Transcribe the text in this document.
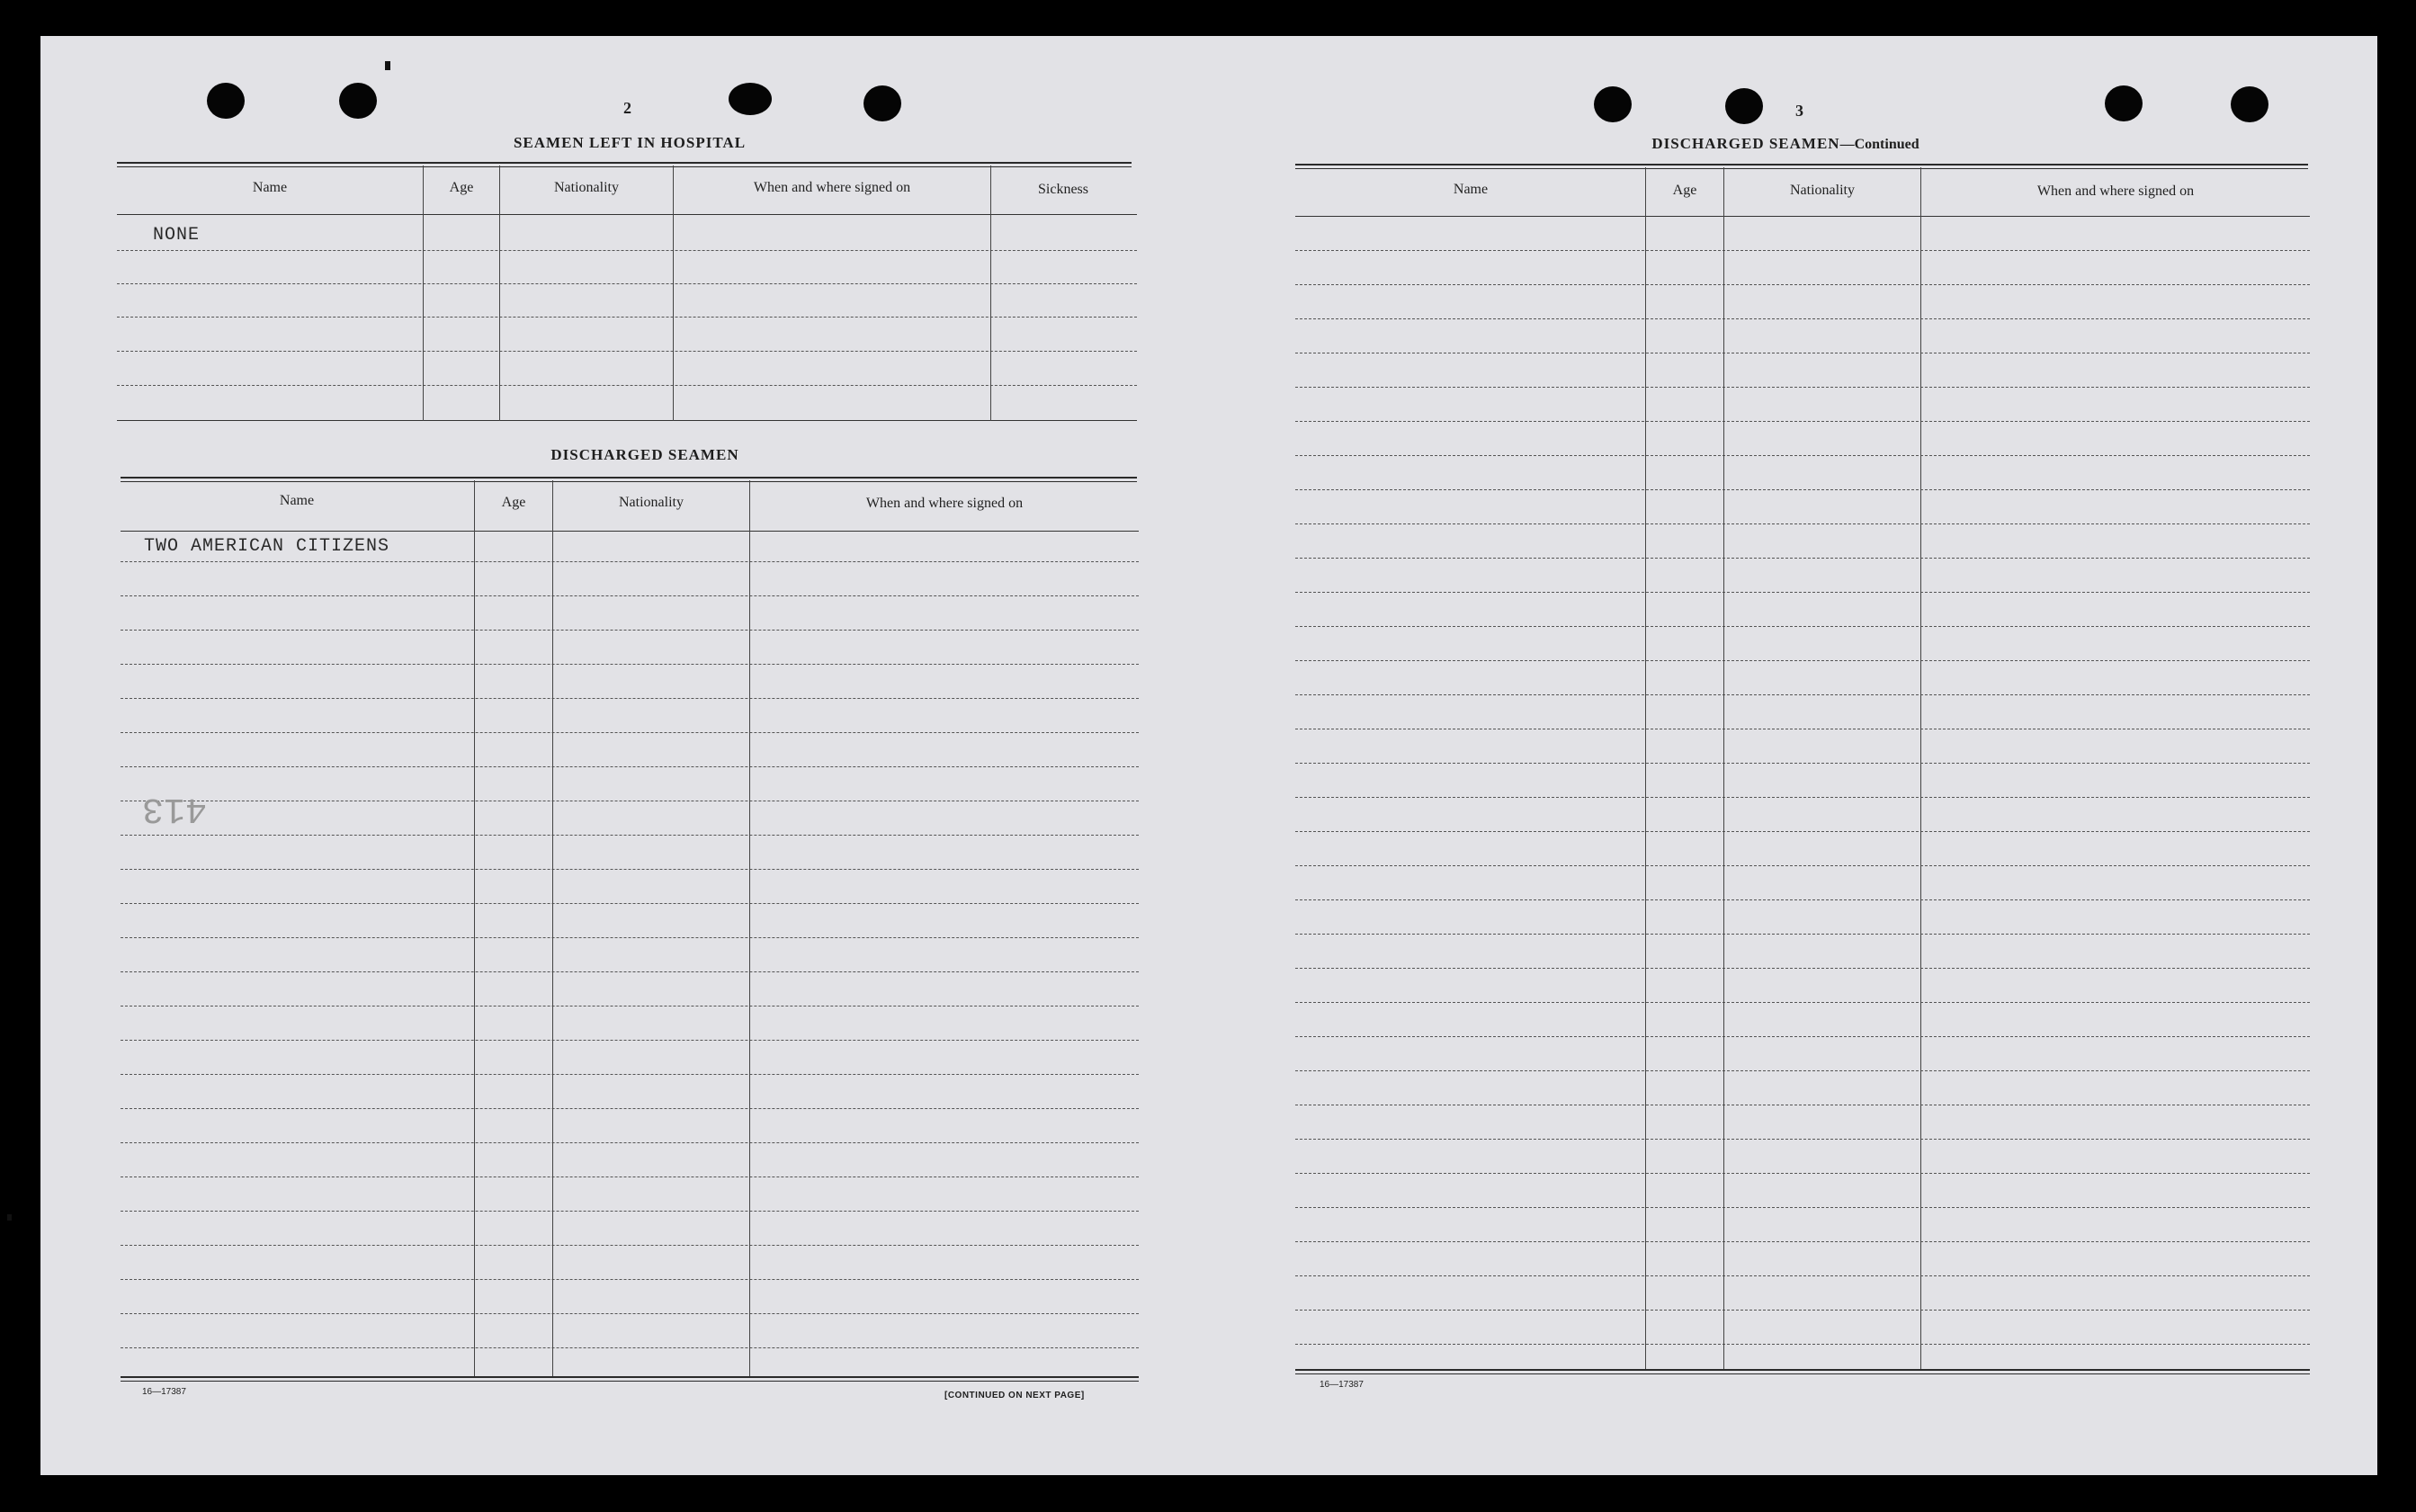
2
SEAMEN LEFT IN HOSPITAL
Name	Age	Nationality	When and where signed on	Sickness
NONE
DISCHARGED SEAMEN
Name	Age	Nationality	When and where signed on
TWO AMERICAN CITIZENS
413
16—17387	[CONTINUED ON NEXT PAGE]
3
DISCHARGED SEAMEN—Continued
Name	Age	Nationality	When and where signed on
16—17387
